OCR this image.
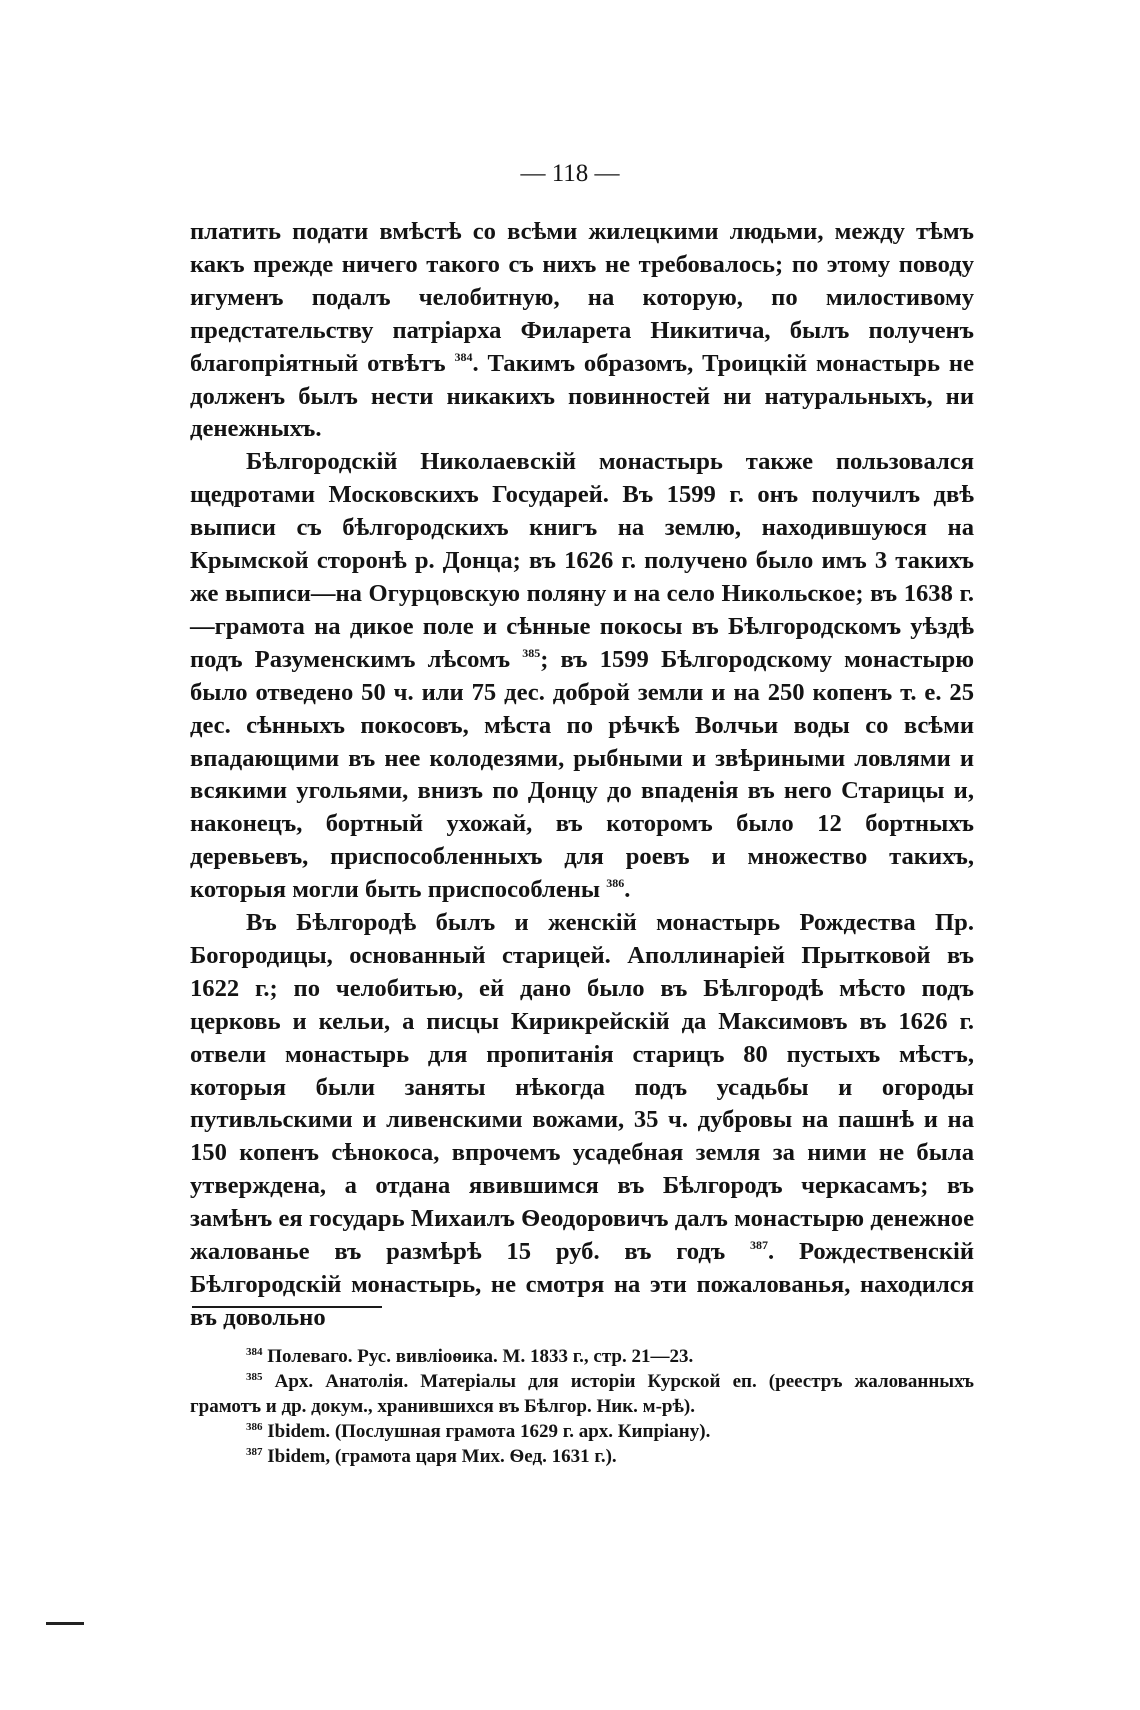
— 118 —

платить подати вмѣстѣ со всѣми жилецкими людьми, между тѣмъ какъ прежде ничего такого съ нихъ не требовалось; по этому поводу игуменъ подалъ челобитную, на которую, по милостивому предстательству патріарха Филарета Никитича, былъ полученъ благопріятный отвѣтъ $^{384}$. Такимъ образомъ, Троицкій монастырь не долженъ былъ нести никакихъ повинностей ни натуральныхъ, ни денежныхъ.

Бѣлгородскій Николаевскій монастырь также пользовался щедротами Московскихъ Государей. Въ 1599 г. онъ получилъ двѣ выписи съ бѣлгородскихъ книгъ на землю, находившуюся на Крымской сторонѣ р. Донца; въ 1626 г. получено было имъ 3 такихъ же выписи—на Огурцовскую поляну и на село Никольское; въ 1638 г.—грамота на дикое поле и сѣнные покосы въ Бѣлгородскомъ уѣздѣ подъ Разуменскимъ лѣсомъ $^{385}$; въ 1599 Бѣлгородскому монастырю было отведено 50 ч. или 75 дес. доброй земли и на 250 копенъ т. е. 25 дес. сѣнныхъ покосовъ, мѣста по рѣчкѣ Волчьи воды со всѣми впадающими въ нее колодезями, рыбными и звѣриными ловлями и всякими угольями, внизъ по Донцу до впаденія въ него Старицы и, наконецъ, бортный ухожай, въ которомъ было 12 бортныхъ деревьевъ, приспособленныхъ для роевъ и множество такихъ, которыя могли быть приспособлены $^{386}$.

Въ Бѣлгородѣ былъ и женскій монастырь Рождества Пр. Богородицы, основанный старицей. Аполлинаріей Прытковой въ 1622 г.; по челобитью, ей дано было въ Бѣлгородѣ мѣсто подъ церковь и кельи, а писцы Кирикрейскій да Максимовъ въ 1626 г. отвели монастырь для пропитанія старицъ 80 пустыхъ мѣстъ, которыя были заняты нѣкогда подъ усадьбы и огороды путивльскими и ливенскими вожами, 35 ч. дубровы на пашнѣ и на 150 копенъ сѣнокоса, впрочемъ усадебная земля за ними не была утверждена, а отдана явившимся въ Бѣлгородъ черкасамъ; въ замѣнъ ея государь Михаилъ Ѳеодоровичъ далъ монастырю денежное жалованье въ размѣрѣ 15 руб. въ годъ $^{387}$. Рождественскій Бѣлгородскій монастырь, не смотря на эти пожалованья, находился въ довольно

$^{384}$ Полеваго. Рус. вивліоѳика. М. 1833 г., стр. 21—23.

$^{385}$ Арх. Анатолія. Матеріалы для исторіи Курской еп. (реестръ жалованныхъ грамотъ и др. докум., хранившихся въ Бѣлгор. Ник. м-рѣ).

$^{386}$ Ibidem. (Послушная грамота 1629 г. арх. Кипріану).

$^{387}$ Ibidem, (грамота царя Мих. Ѳед. 1631 г.).
